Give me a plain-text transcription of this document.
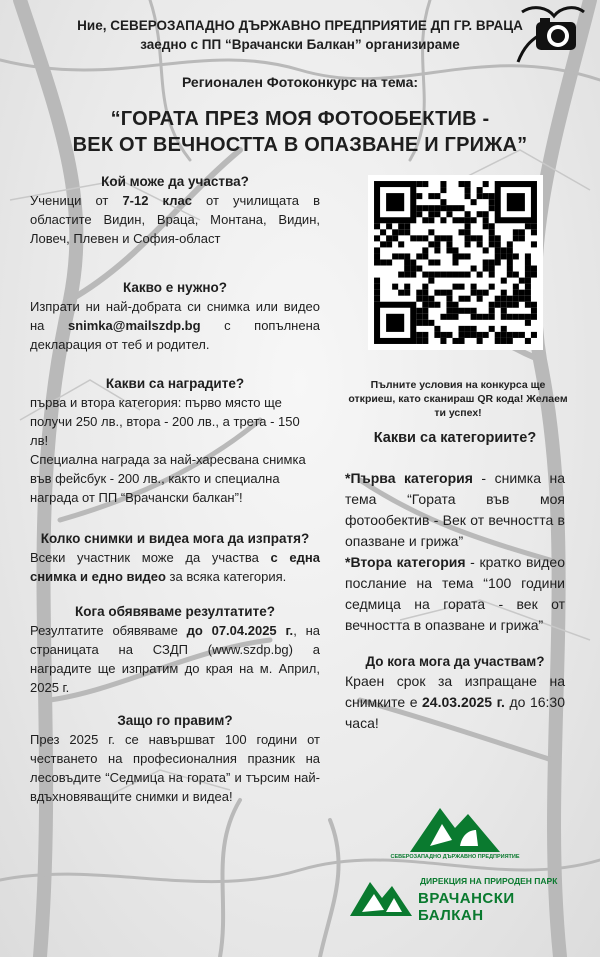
Ние, СЕВЕРОЗАПАДНО ДЪРЖАВНО ПРЕДПРИЯТИЕ ДП ГР. ВРАЦА
заедно с ПП “Врачански Балкан” организираме
Регионален Фотоконкурс на тема:
“ГОРАТА ПРЕЗ МОЯ ФОТООБЕКТИВ -
ВЕК ОТ ВЕЧНОСТТА В ОПАЗВАНЕ И ГРИЖА”
Кой може да участва?

Ученици от 7-12 клас от училищата в областите Видин, Враца, Монтана, Видин, Ловеч, Плевен и София-област

Какво е нужно?

Изпрати ни най-добрата си снимка или видео на snimka@mailszdp.bg с попълнена декларация от теб и родител.

Какви са наградите?

първа и втора категория: първо място ще получи 250 лв., втора - 200 лв., а трета - 150 лв!

Специална награда за най-харесвана снимка във фейсбук - 200 лв., както и специална награда от ПП “Врачански балкан”!

Колко снимки и видеа мога да изпратя?

Всеки участник може да участва с една снимка и едно видео за всяка категория.

Кога обявяваме резултатите?

Резултатите обявяваме до 07.04.2025 г., на страницата на СЗДП (www.szdp.bg) а наградите ще изпратим до края на м. Април, 2025 г.

Защо го правим?

През 2025 г. се навършват 100 години от честването на професионалния празник на лесовъдите “Седмица на гората” и търсим най-вдъхновяващите снимки и видеа!

Пълните условия на конкурса ще откриеш, като сканираш QR кода! Желаем ти успех!
Какви са категориите?

*Първа категория - снимка на тема “Гората във моя фотообектив - Век от вечността в опазване и грижа”

*Втора категория - кратко видео послание на тема “100 години седмица на гората - век от вечността в опазване и грижа”

До кога мога да участвам?

Краен срок за изпращане на снимките е 24.03.2025 г. до 16:30 часа!

СЕВЕРОЗАПАДНО ДЪРЖАВНО ПРЕДПРИЯТИЕ
ДИРЕКЦИЯ НА ПРИРОДЕН ПАРК
ВРАЧАНСКИ БАЛКАН
